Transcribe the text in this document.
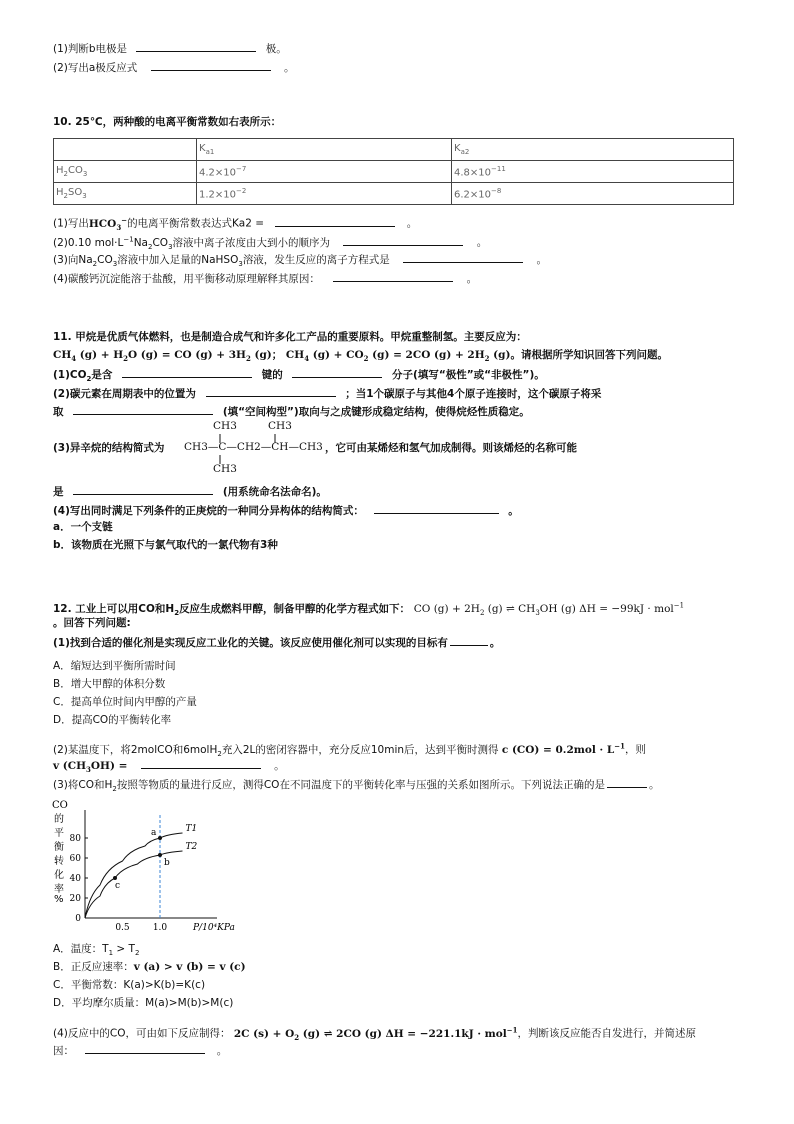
(1)判断b电极是	极。
(2)写出a极反应式	。
10. 25℃，两种酸的电离平衡常数如右表所示：
	$K_{a1}$	$K_{a2}$
$H_2CO_3$	$4.2\times 10^{-7}$	$4.8\times 10^{-11}$
$H_2SO_3$	$1.2\times 10^{-2}$	$6.2\times 10^{-8}$
(1)写出$HCO_3^-$的电离平衡常数表达式Ka2 =	。
(2)0.10 $mol\cdot L^{-1}Na_2CO_3$溶液中离子浓度由大到小的顺序为	。
(3)向$Na_2CO_3$溶液中加入足量的NaHSO$_3$溶液，发生反应的离子方程式是	。
(4)碳酸钙沉淀能溶于盐酸，用平衡移动原理解释其原因：	。
11. 甲烷是优质气体燃料，也是制造合成气和许多化工产品的重要原料。甲烷重整制氢。主要反应为：
$CH_4$ $(g) + H_2O$ (g) = CO $(g) + 3H_2$ (g)； $CH_4$ $(g) + CO_2$ (g) = 2CO $(g) + 2H_2$ (g)。请根据所学知识回答下列问题。
$(1)CO_2$是含	键的	分子(填写“极性”或“非极性”)。
(2)碳元素在周期表中的位置为	；当1个碳原子与其他4个原子连接时，这个碳原子将采
取	(填“空间构型”)取向与之成键形成稳定结构，使得烷烃性质稳定。
(3)异辛烷的结构简式为 CH3—C—CH2—CH—CH3
CH3	CH3
CH3
，它可由某烯烃和氢气加成制得。则该烯烃的名称可能
是	(用系统命名法命名)。
(4)写出同时满足下列条件的正庚烷的一种同分异构体的结构简式：	。
a．一个支链
b．该物质在光照下与氯气取代的一氯代物有3种
12. 工业上可以用CO和$H_2$反应生成燃料甲醇，制备甲醇的化学方程式如下： CO $(g) + 2H_2$ (g) ⇌ $CH_3OH$ (g) ΔH = −99kJ · mol$^{-1}$
。回答下列问题:
(1)找到合适的催化剂是实现反应工业化的关键。该反应使用催化剂可以实现的目标有	。
A．缩短达到平衡所需时间
B．增大甲醇的体积分数
C．提高单位时间内甲醇的产量
D．提高CO的平衡转化率
(2)某温度下，将2molCO和6molH$_2$充入2L的密闭容器中，充分反应10min后，达到平衡时测得 c $(CO) = 0.2mol \cdot L^{-1}$，则
v $(CH_3OH)$ =	。
(3)将CO和$H_2$按照等物质的量进行反应，测得CO在不同温度下的平衡转化率与压强的关系如图所示。下列说法正确的是	。
CO
的
平
衡
转
化
率
%
0
20
40
60
80
0.5	1.0	P/10⁴KPa
T1
T2
a
b
c
A．温度：$T_1 > T_2$
B．正反应速率：v (a) > v (b) = v (c)
C．平衡常数：K(a)>K(b)=K(c)
D．平均摩尔质量：M(a)>M(b)>M(c)
(4)反应中的CO，可由如下反应制得： 2C $(s) + O_2$ (g) ⇌ 2CO (g) ΔH = −221.1kJ · mol$^{-1}$，判断该反应能否自发进行，并简述原
因：	。
